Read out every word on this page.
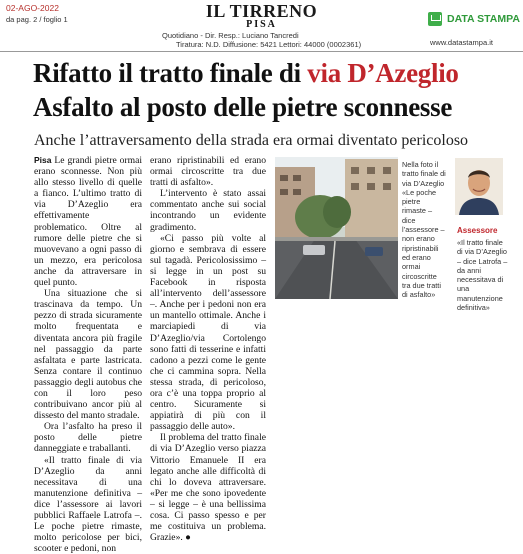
02-AGO-2022
da pag. 2 / foglio 1	IL TIRRENO
PISA
Quotidiano - Dir. Resp.: Luciano Tancredi
Tiratura: N.D. Diffusione: 5421 Lettori: 44000 (0002361)
DATA STAMPA
www.datastampa.it
Rifatto il tratto finale di via D’Azeglio
Asfalto al posto delle pietre sconnesse
Anche l’attraversamento della strada era ormai diventato pericoloso

Pisa Le grandi pietre ormai erano sconnesse. Non più allo stesso livello di quelle a fianco. L’ultimo tratto di via D’Azeglio era effettivamente problematico. Oltre al rumore delle pietre che si muovevano a ogni passo di un mezzo, era pericolosa anche da attraversare in quel punto.

Una situazione che si trascinava da tempo. Un pezzo di strada sicuramente molto frequentata e diventata ancora più fragile nel passaggio da parte asfaltata e parte lastricata. Senza contare il continuo passaggio degli autobus che con il loro peso contribuivano ancor più al dissesto del manto stradale.

Ora l’asfalto ha preso il posto delle pietre danneggiate e traballanti.

«Il tratto finale di via D’Azeglio da anni necessitava di una manutenzione definitiva – dice l’assessore ai lavori pubblici Raffaele Latrofa –. Le poche pietre rimaste, molto pericolose per bici, scooter e pedoni, non

erano ripristinabili ed erano ormai circoscritte tra due tratti di asfalto».

L’intervento è stato assai commentato anche sui social incontrando un evidente gradimento.

«Ci passo più volte al giorno e sembrava di essere sul tagadà. Pericolosissimo – si legge in un post su Facebook in risposta all’intervento dell’assessore –. Anche per i pedoni non era un mantello ottimale. Anche i marciapiedi di via D’Azeglio/via Cortolengo sono fatti di tesserine e infatti cadono a pezzi come le gente che ci cammina sopra. Nella stessa strada, di pericoloso, ora c’è una toppa proprio al centro. Sicuramente si appiatirà di più con il passaggio delle auto».

Il problema del tratto finale di via D’Azeglio verso piazza Vittorio Emanuele II era legato anche alle difficoltà di chi lo doveva attraversare. «Per me che sono ipovedente – si legge – è una bellissima cosa. Ci passo spesso e per me costituiva un problema. Grazie». ●

Nella foto il tratto finale di via D’Azeglio «Le poche pietre rimaste – dice l’assessore – non erano ripristinabili ed erano ormai circoscritte tra due tratti di asfalto»
Assessore
«Il tratto finale di via D’Azeglio – dice Latrofa – da anni necessitava di una manutenzione definitiva»
